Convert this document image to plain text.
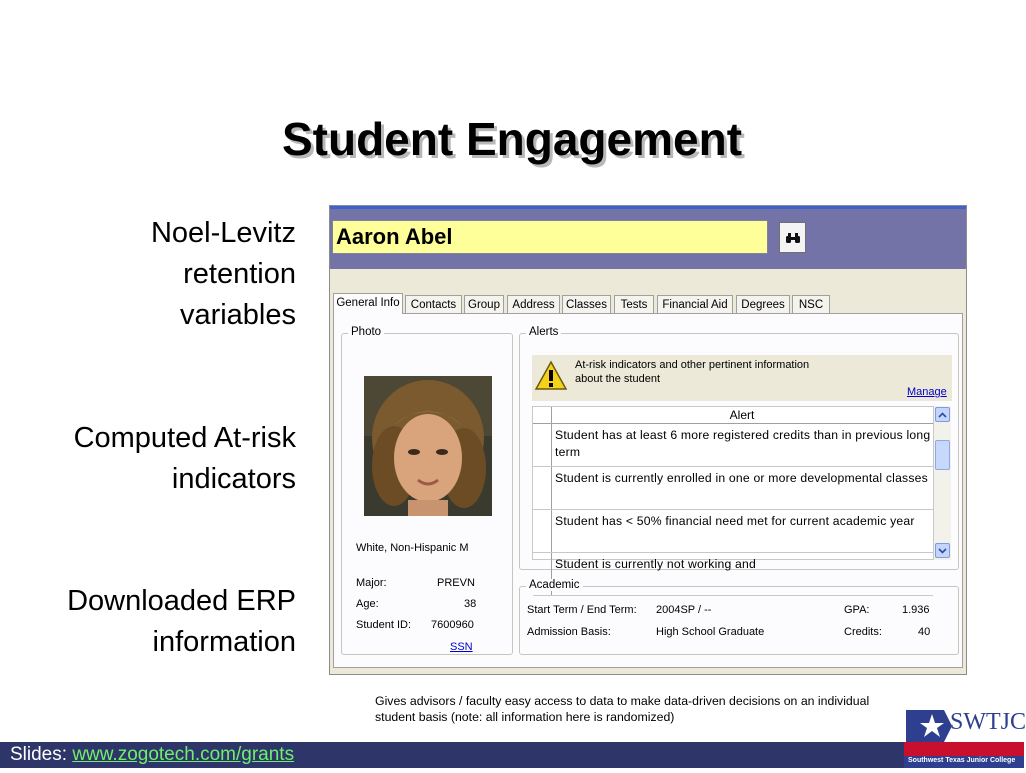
Student Engagement
Noel-Levitz
retention
variables
Computed At-risk
indicators
Downloaded ERP
information
Aaron Abel
General Info Contacts	Group	Address Classes	Tests	Financial Aid	Degrees	NSC
Photo
White, Non-Hispanic M
Major:	PREVN
Age:	38
Student ID: 7600960
SSN
Alerts
At-risk indicators and other pertinent information
about the student
Manage
Alert
Student has at least 6 more registered credits than in previous long term
Student is currently enrolled in one or more developmental classes
Student has < 50% financial need met for current academic year
Student is currently not working and
Academic
Start Term / End Term: 2004SP / --	GPA:	1.936
Admission Basis:	High School Graduate	Credits:	40
Gives advisors / faculty easy access to data to make data-driven decisions on an individual
student basis (note: all information here is randomized)
Slides: www.zogotech.com/grants
SWTJC
Southwest Texas Junior College
